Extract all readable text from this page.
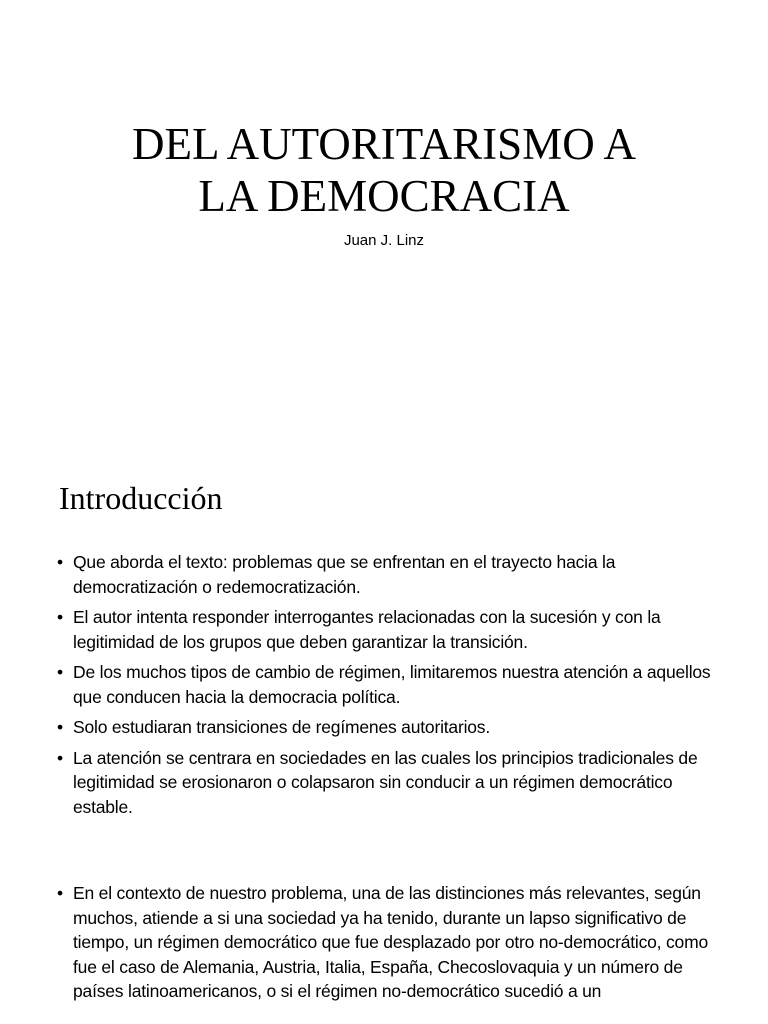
DEL AUTORITARISMO A
LA DEMOCRACIA

Juan J. Linz

Introducción
• Que aborda el texto: problemas que se enfrentan en el trayecto hacia la democratización o redemocratización.
• El autor intenta responder interrogantes relacionadas con la sucesión y con la legitimidad de los grupos que deben garantizar la transición.
• De los muchos tipos de cambio de régimen, limitaremos nuestra atención a aquellos que conducen hacia la democracia política.
• Solo estudiaran transiciones de regímenes autoritarios.
• La atención se centrara en sociedades en las cuales los principios tradicionales de legitimidad se erosionaron o colapsaron sin conducir a un régimen democrático estable.
• En el contexto de nuestro problema, una de las distinciones más relevantes, según muchos, atiende a si una sociedad ya ha tenido, durante un lapso significativo de tiempo, un régimen democrático que fue desplazado por otro no-democrático, como fue el caso de Alemania, Austria, Italia, España, Checoslovaquia y un número de países latinoamericanos, o si el régimen no-democrático sucedió a un
